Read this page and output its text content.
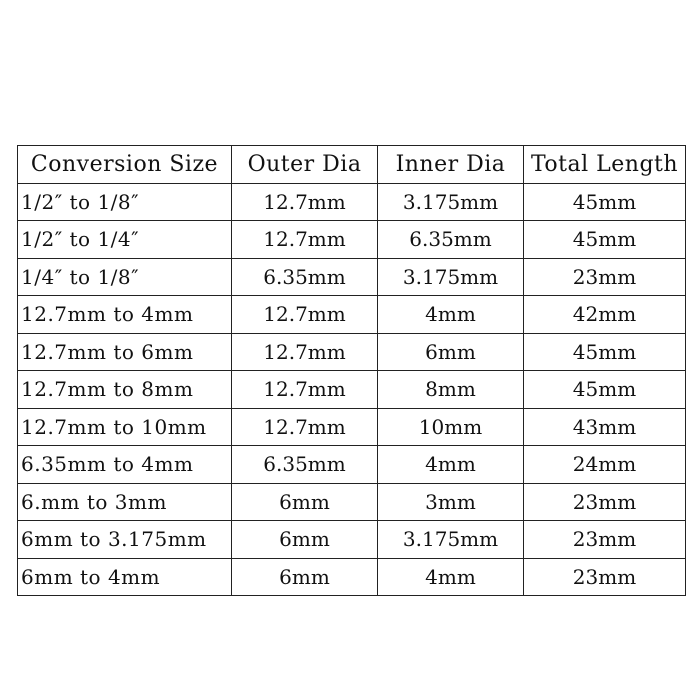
Conversion Size	Outer Dia	Inner Dia	Total Length
1/2″ to 1/8″	12.7mm	3.175mm	45mm
1/2″ to 1/4″	12.7mm	6.35mm	45mm
1/4″ to 1/8″	6.35mm	3.175mm	23mm
12.7mm to 4mm	12.7mm	4mm	42mm
12.7mm to 6mm	12.7mm	6mm	45mm
12.7mm to 8mm	12.7mm	8mm	45mm
12.7mm to 10mm	12.7mm	10mm	43mm
6.35mm to 4mm	6.35mm	4mm	24mm
6.mm to 3mm	6mm	3mm	23mm
6mm to 3.175mm	6mm	3.175mm	23mm
6mm to 4mm	6mm	4mm	23mm
